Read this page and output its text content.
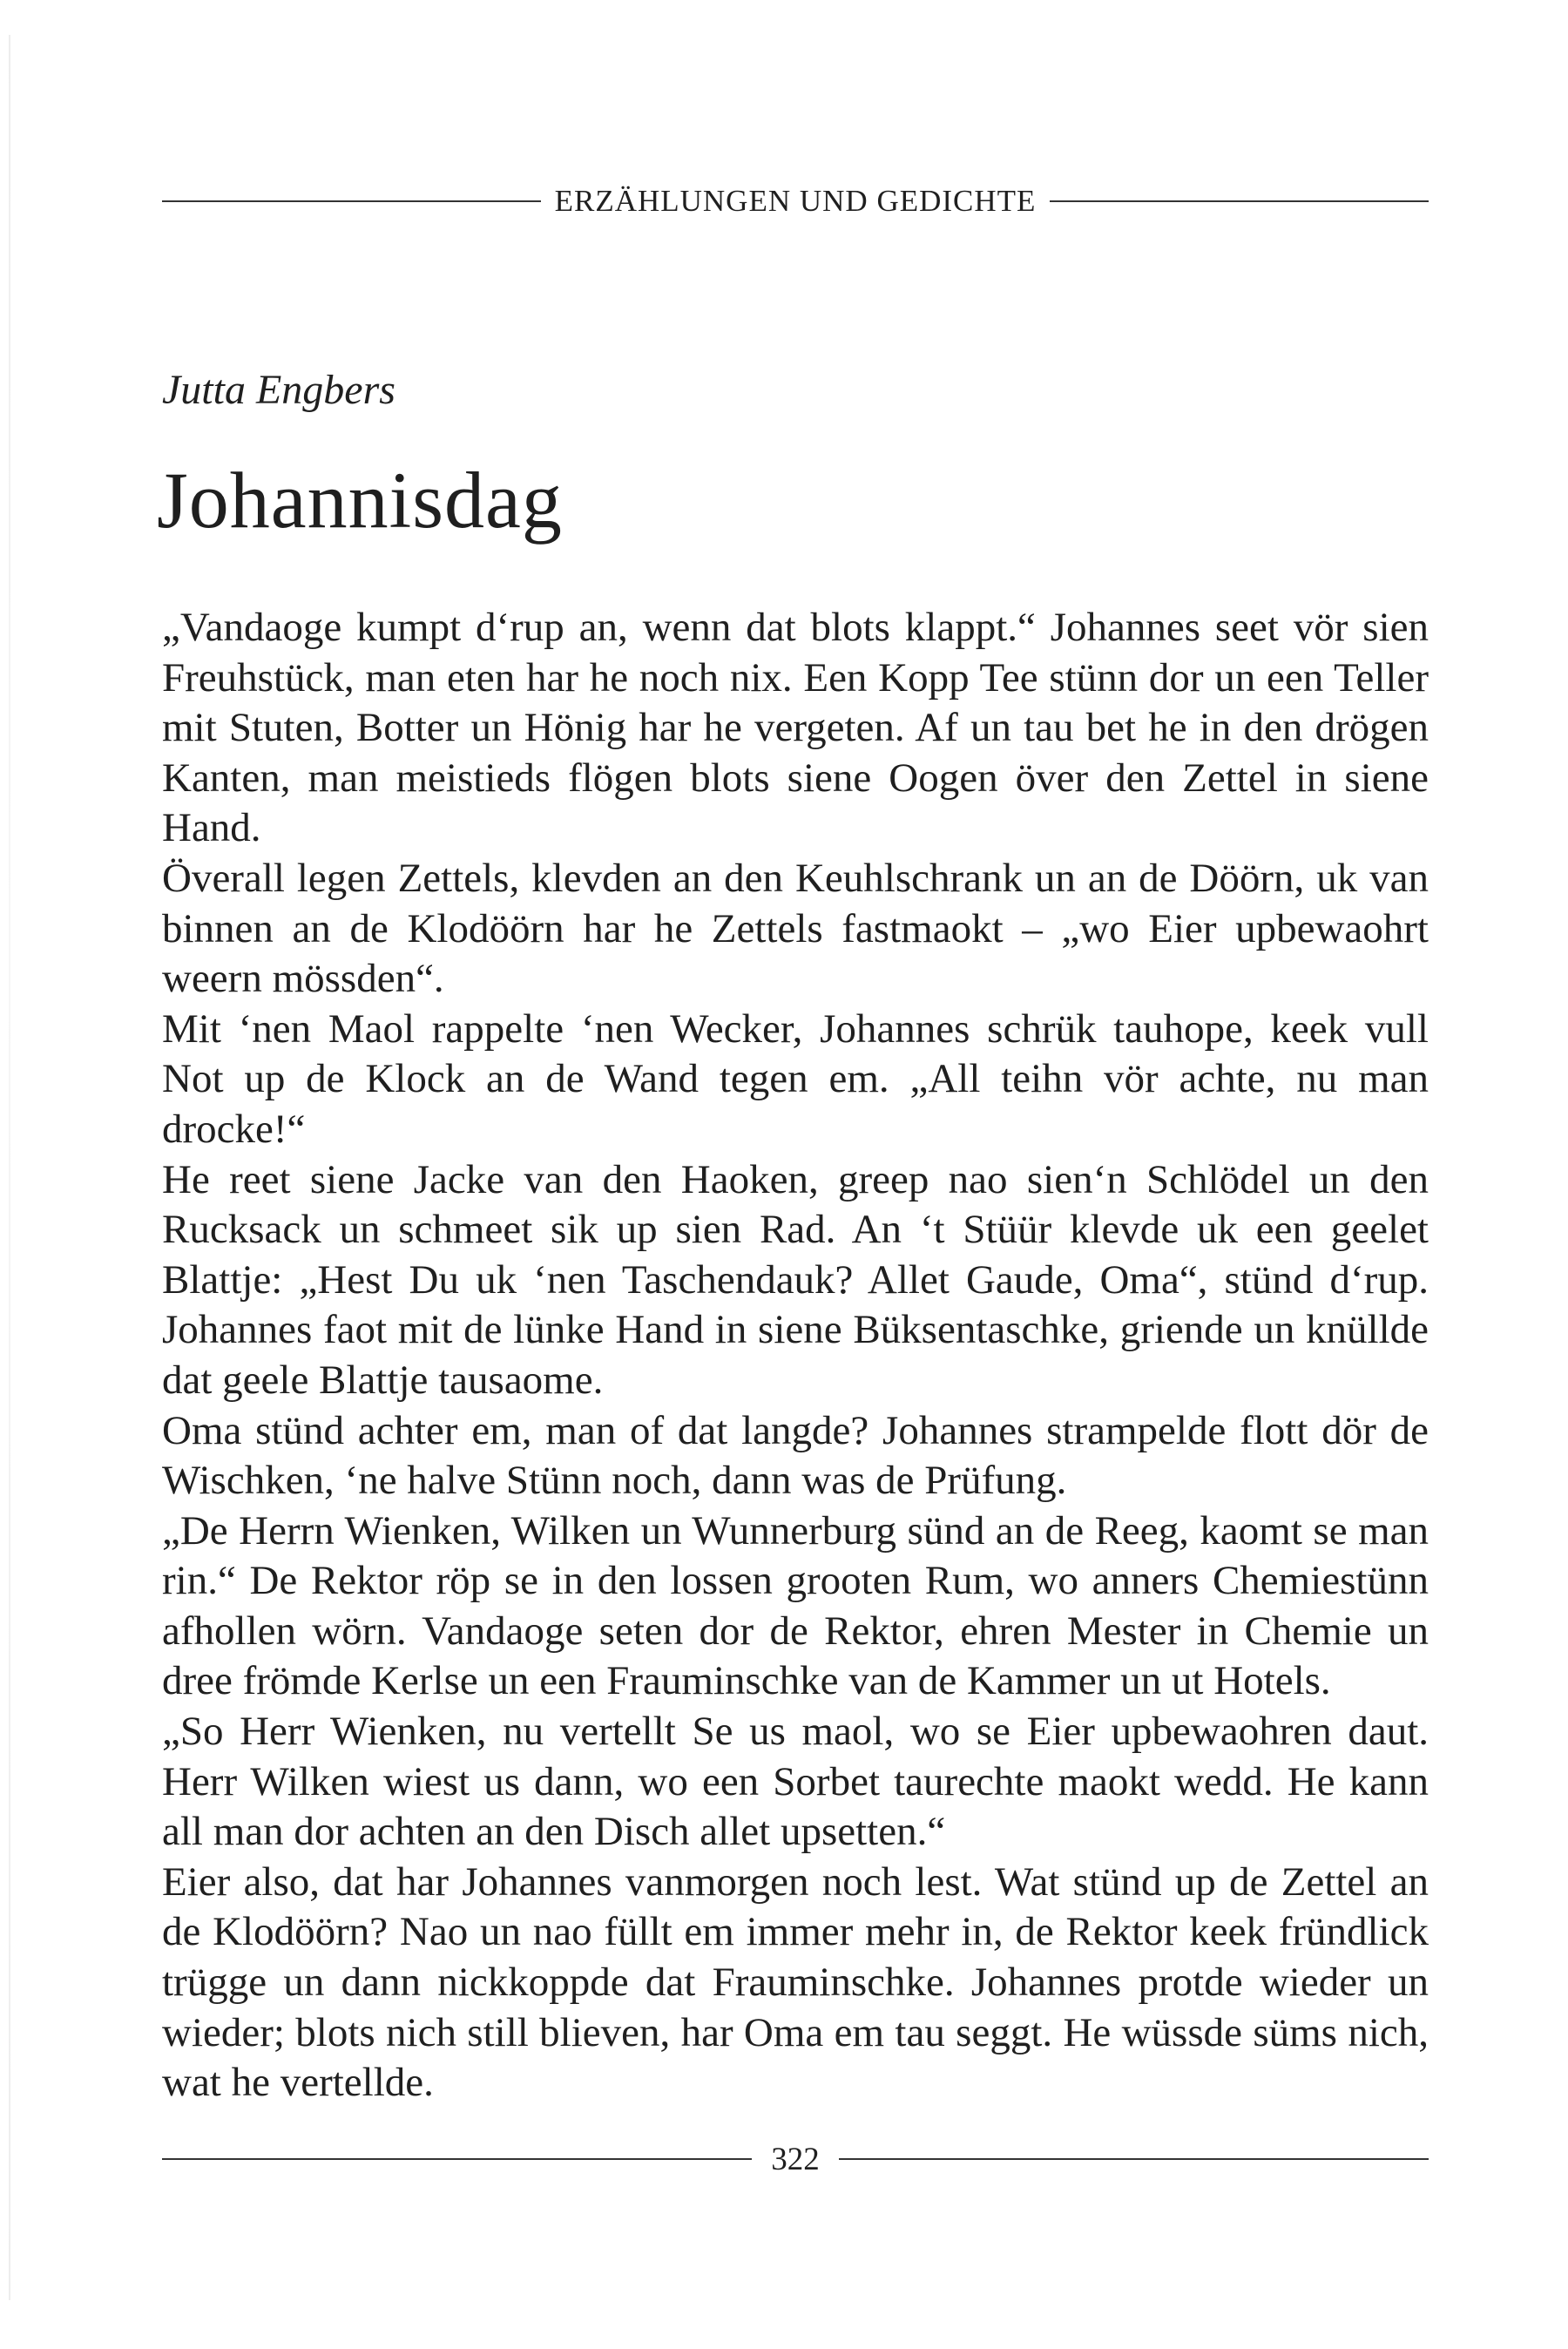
ERZÄHLUNGEN UND GEDICHTE
Jutta Engbers
Johannisdag

„Vandaoge kumpt d‘rup an, wenn dat blots klappt.“ Johannes seet vör sien Freuhstück, man eten har he noch nix. Een Kopp Tee stünn dor un een Teller mit Stuten, Botter un Hönig har he vergeten. Af un tau bet he in den drögen Kanten, man meistieds flögen blots siene Oogen över den Zettel in siene Hand.

Överall legen Zettels, klevden an den Keuhlschrank un an de Döörn, uk van binnen an de Klodöörn har he Zettels fastmaokt – „wo Eier upbewaohrt weern mössden“.

Mit ‘nen Maol rappelte ‘nen Wecker, Johannes schrük tauhope, keek vull Not up de Klock an de Wand tegen em. „All teihn vör achte, nu man drocke!“

He reet siene Jacke van den Haoken, greep nao sien‘n Schlödel un den Rucksack un schmeet sik up sien Rad. An ‘t Stüür klevde uk een geelet Blattje: „Hest Du uk ‘nen Taschendauk? Allet Gaude, Oma“, stünd d‘rup. Johannes faot mit de lünke Hand in siene Büksentaschke, griende un knüllde dat geele Blattje tausaome.

Oma stünd achter em, man of dat langde? Johannes strampelde flott dör de Wischken, ‘ne halve Stünn noch, dann was de Prüfung.

„De Herrn Wienken, Wilken un Wunnerburg sünd an de Reeg, kaomt se man rin.“ De Rektor röp se in den lossen grooten Rum, wo anners Chemiestünn afhollen wörn. Vandaoge seten dor de Rektor, ehren Mester in Chemie un dree frömde Kerlse un een Frauminschke van de Kammer un ut Hotels.

„So Herr Wienken, nu vertellt Se us maol, wo se Eier upbewaohren daut. Herr Wilken wiest us dann, wo een Sorbet taurechte maokt wedd. He kann all man dor achten an den Disch allet upsetten.“

Eier also, dat har Johannes vanmorgen noch lest. Wat stünd up de Zettel an de Klodöörn? Nao un nao füllt em immer mehr in, de Rektor keek fründlick trügge un dann nickkoppde dat Frauminschke. Johannes protde wieder un wieder; blots nich still blieven, har Oma em tau seggt. He wüssde süms nich, wat he vertellde.

322
